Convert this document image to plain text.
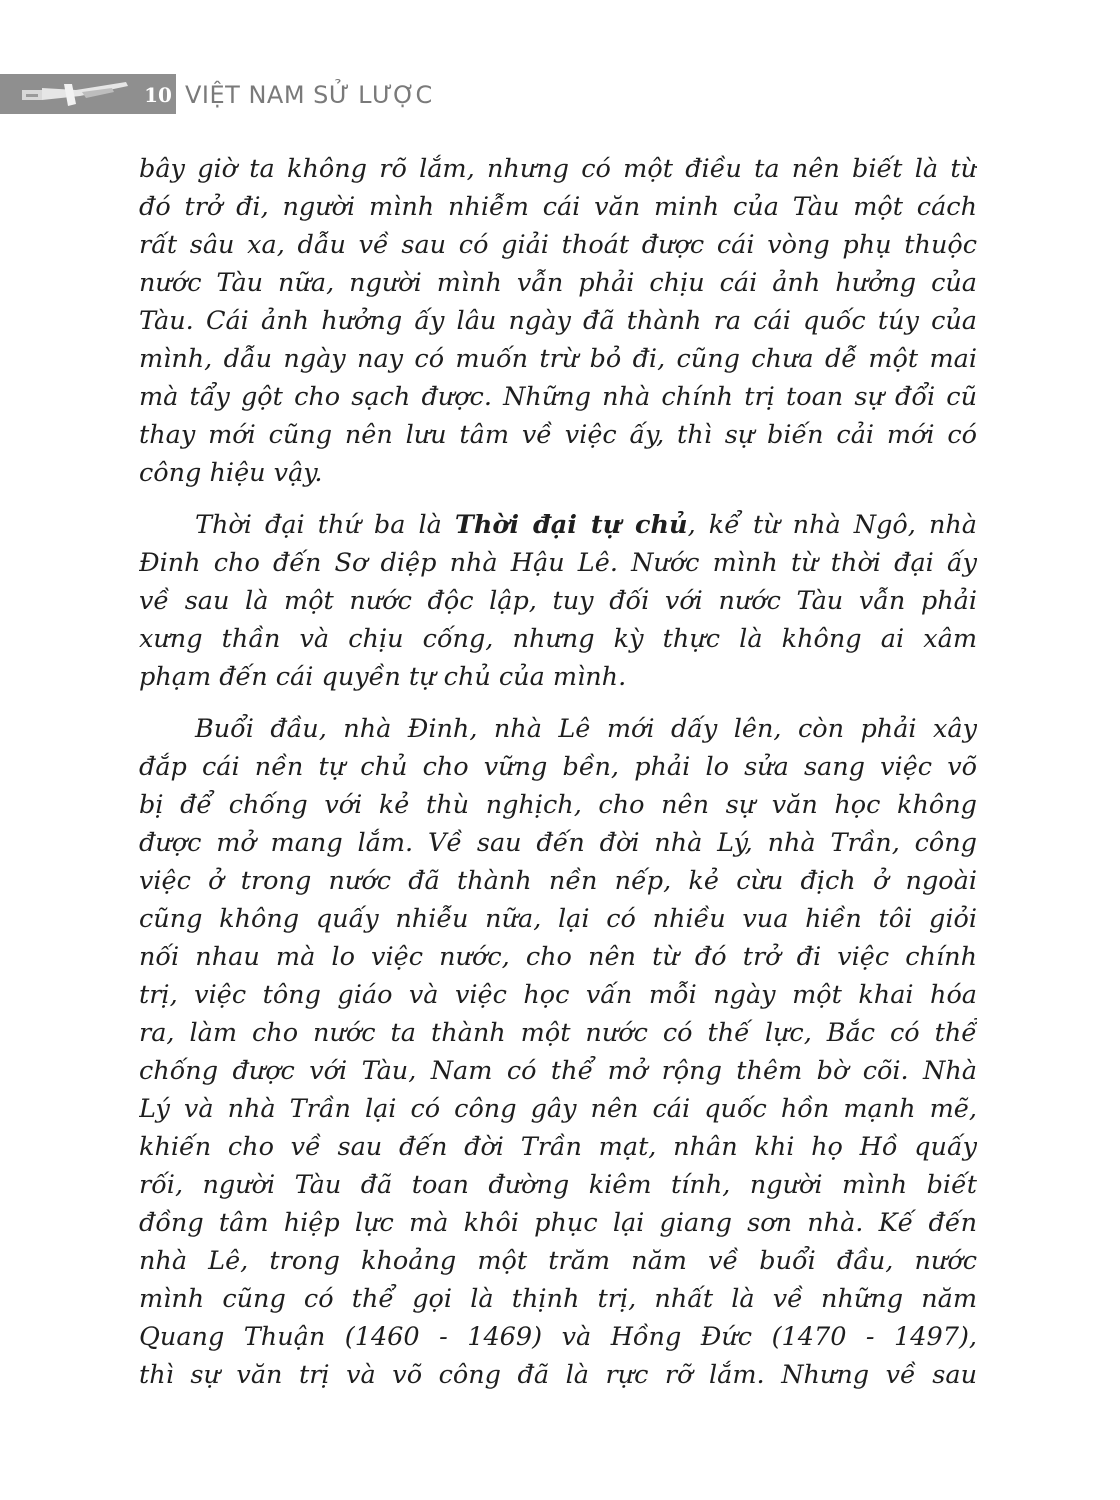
10 VIỆT NAM SỬ LƯỢC
bây giờ ta không rõ lắm, nhưng có một điều ta nên biết là từ
đó trở đi, người mình nhiễm cái văn minh của Tàu một cách
rất sâu xa, dẫu về sau có giải thoát được cái vòng phụ thuộc
nước Tàu nữa, người mình vẫn phải chịu cái ảnh hưởng của
Tàu. Cái ảnh hưởng ấy lâu ngày đã thành ra cái quốc túy của
mình, dẫu ngày nay có muốn trừ bỏ đi, cũng chưa dễ một mai
mà tẩy gột cho sạch được. Những nhà chính trị toan sự đổi cũ
thay mới cũng nên lưu tâm về việc ấy, thì sự biến cải mới có
công hiệu vậy.
Thời đại thứ ba là Thời đại tự chủ, kể từ nhà Ngô, nhà
Đinh cho đến Sơ diệp nhà Hậu Lê. Nước mình từ thời đại ấy
về sau là một nước độc lập, tuy đối với nước Tàu vẫn phải
xưng thần và chịu cống, nhưng kỳ thực là không ai xâm
phạm đến cái quyền tự chủ của mình.
Buổi đầu, nhà Đinh, nhà Lê mới dấy lên, còn phải xây
đắp cái nền tự chủ cho vững bền, phải lo sửa sang việc võ
bị để chống với kẻ thù nghịch, cho nên sự văn học không
được mở mang lắm. Về sau đến đời nhà Lý, nhà Trần, công
việc ở trong nước đã thành nền nếp, kẻ cừu địch ở ngoài
cũng không quấy nhiễu nữa, lại có nhiều vua hiền tôi giỏi
nối nhau mà lo việc nước, cho nên từ đó trở đi việc chính
trị, việc tông giáo và việc học vấn mỗi ngày một khai hóa
ra, làm cho nước ta thành một nước có thế lực, Bắc có thể
chống được với Tàu, Nam có thể mở rộng thêm bờ cõi. Nhà
Lý và nhà Trần lại có công gây nên cái quốc hồn mạnh mẽ,
khiến cho về sau đến đời Trần mạt, nhân khi họ Hồ quấy
rối, người Tàu đã toan đường kiêm tính, người mình biết
đồng tâm hiệp lực mà khôi phục lại giang sơn nhà. Kế đến
nhà Lê, trong khoảng một trăm năm về buổi đầu, nước
mình cũng có thể gọi là thịnh trị, nhất là về những năm
Quang Thuận (1460 - 1469) và Hồng Đức (1470 - 1497),
thì sự văn trị và võ công đã là rực rỡ lắm. Nhưng về sau
